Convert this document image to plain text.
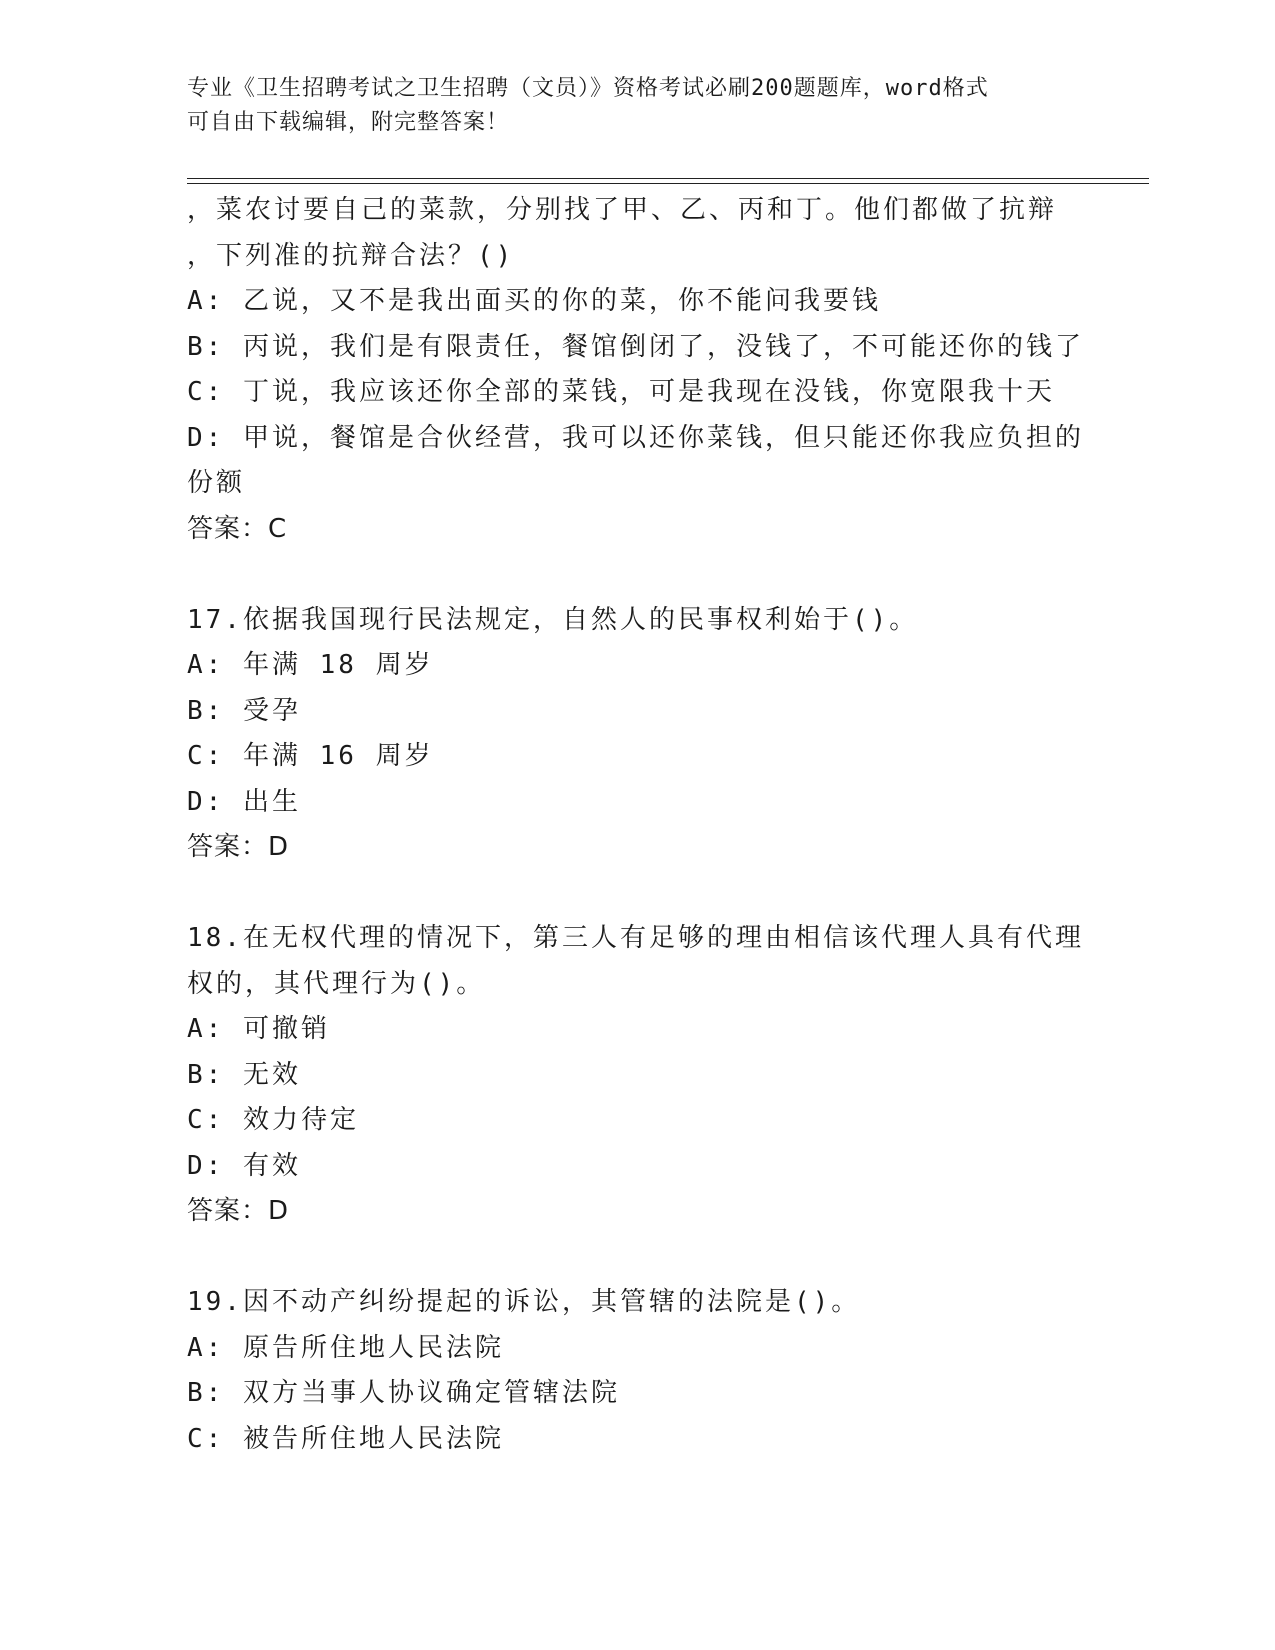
专业《卫生招聘考试之卫生招聘（文员）》资格考试必刷200题题库，word格式
可自由下载编辑，附完整答案！
，菜农讨要自己的菜款，分别找了甲、乙、丙和丁。他们都做了抗辩
，下列准的抗辩合法？()
A: 乙说，又不是我出面买的你的菜，你不能问我要钱
B: 丙说，我们是有限责任，餐馆倒闭了，没钱了，不可能还你的钱了
C: 丁说，我应该还你全部的菜钱，可是我现在没钱，你宽限我十天
D: 甲说，餐馆是合伙经营，我可以还你菜钱，但只能还你我应负担的
份额
答案：C
17.依据我国现行民法规定，自然人的民事权利始于()。
A: 年满 18 周岁
B: 受孕
C: 年满 16 周岁
D: 出生
答案：D
18.在无权代理的情况下，第三人有足够的理由相信该代理人具有代理
权的，其代理行为()。
A: 可撤销
B: 无效
C: 效力待定
D: 有效
答案：D
19.因不动产纠纷提起的诉讼，其管辖的法院是()。
A: 原告所住地人民法院
B: 双方当事人协议确定管辖法院
C: 被告所住地人民法院
